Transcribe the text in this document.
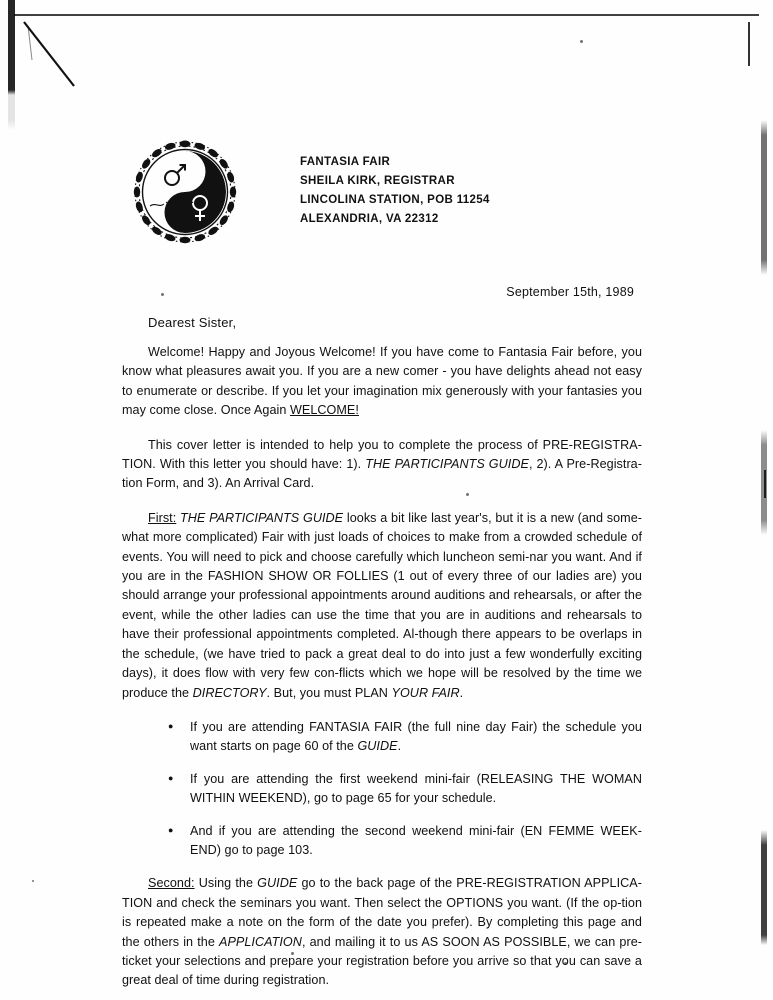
FANTASIA FAIR
SHEILA KIRK, REGISTRAR
LINCOLINA STATION, POB 11254
ALEXANDRIA, VA 22312
September 15th, 1989
Dearest Sister,

Welcome! Happy and Joyous Welcome! If you have come to Fantasia Fair before, you know what pleasures await you. If you are a new comer - you have delights ahead not easy to enumerate or describe. If you let your imagination mix generously with your fantasies you may come close. Once Again WELCOME!

This cover letter is intended to help you to complete the process of PRE-REGISTRA-TION. With this letter you should have: 1). THE PARTICIPANTS GUIDE, 2). A Pre-Registra-tion Form, and 3). An Arrival Card.

First: THE PARTICIPANTS GUIDE looks a bit like last year's, but it is a new (and some-what more complicated) Fair with just loads of choices to make from a crowded schedule of events. You will need to pick and choose carefully which luncheon semi-nar you want. And if you are in the FASHION SHOW OR FOLLIES (1 out of every three of our ladies are) you should arrange your professional appointments around auditions and rehearsals, or after the event, while the other ladies can use the time that you are in auditions and rehearsals to have their professional appointments completed. Al-though there appears to be overlaps in the schedule, (we have tried to pack a great deal to do into just a few wonderfully exciting days), it does flow with very few con-flicts which we hope will be resolved by the time we produce the DIRECTORY. But, you must PLAN YOUR FAIR.

● If you are attending FANTASIA FAIR (the full nine day Fair) the schedule you want starts on page 60 of the GUIDE.
● If you are attending the first weekend mini-fair (RELEASING THE WOMAN WITHIN WEEKEND), go to page 65 for your schedule.
● And if you are attending the second weekend mini-fair (EN FEMME WEEK-END) go to page 103.

Second: Using the GUIDE go to the back page of the PRE-REGISTRATION APPLICA-TION and check the seminars you want. Then select the OPTIONS you want. (If the op-tion is repeated make a note on the form of the date you prefer). By completing this page and the others in the APPLICATION, and mailing it to us AS SOON AS POSSIBLE, we can pre-ticket your selections and prepare your registration before you arrive so that you can save a great deal of time during registration.
